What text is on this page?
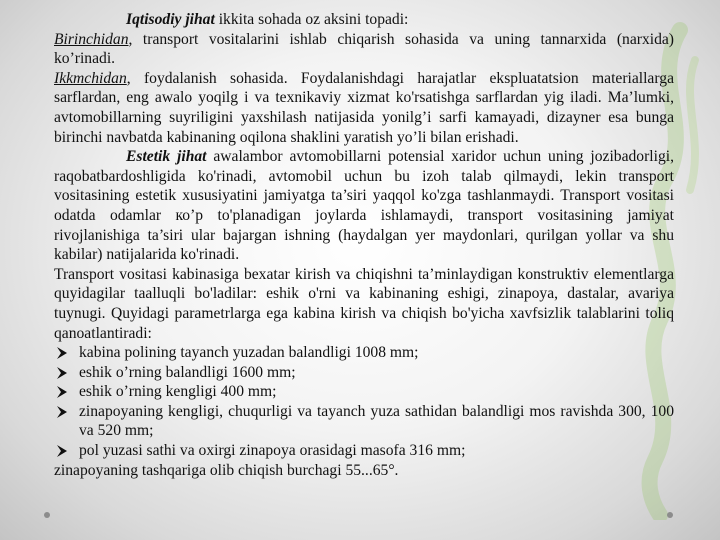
Iqtisodiy jihat ikkita sohada oz aksini topadi:

Birinchidan, transport vositalarini ishlab chiqarish sohasida va uning tannarxida (narxida) ko’rinadi.

Ikkmchidan, foydalanish sohasida. Foydalanishdagi harajatlar ekspluatatsion materiallarga sarflardan, eng awalo yoqilg i va texnikaviy xizmat ko'rsatishga sarflardan yig iladi. Ma’lumki, avtomobillarning suyriligini yaxshilash natijasida yonilg’i sarfi kamayadi, dizayner esa bunga birinchi navbatda kabinaning oqilona shaklini yaratish yo’li bilan erishadi.

Estetik jihat awalambor avtomobillarni potensial xaridor uchun uning jozibadorligi, raqobatbardoshligida ko'rinadi, avtomobil uchun bu izoh talab qilmaydi, lekin transport vositasining estetik xususiyatini jamiyatga ta’siri yaqqol ko'zga tashlanmaydi. Transport vositasi odatda odamlar ко’p to'planadigan joylarda ishlamaydi, transport vositasining jamiyat rivojlanishiga ta’siri ular bajargan ishning (haydalgan yer maydonlari, qurilgan yollar va shu kabilar) natijalarida ko'rinadi.

Transport vositasi kabinasiga bexatar kirish va chiqishni ta’minlaydigan konstruktiv elementlarga quyidagilar taalluqli bo'ladilar: eshik o'rni va kabinaning eshigi, zinapoya, dastalar, avariya tuynugi. Quyidagi parametrlarga ega kabina kirish va chiqish bo'yicha xavfsizlik talablarini toliq qanoatlantiradi:

kabina polining tayanch yuzadan balandligi 1008 mm;
eshik o’rning balandligi 1600 mm;
eshik o’rning kengligi 400 mm;
zinapoyaning kengligi, chuqurligi va tayanch yuza sathidan balandligi mos ravishda 300, 100 va 520 mm;
pol yuzasi sathi va oxirgi zinapoya orasidagi masofa 316 mm;

zinapoyaning tashqariga olib chiqish burchagi 55...65°.
